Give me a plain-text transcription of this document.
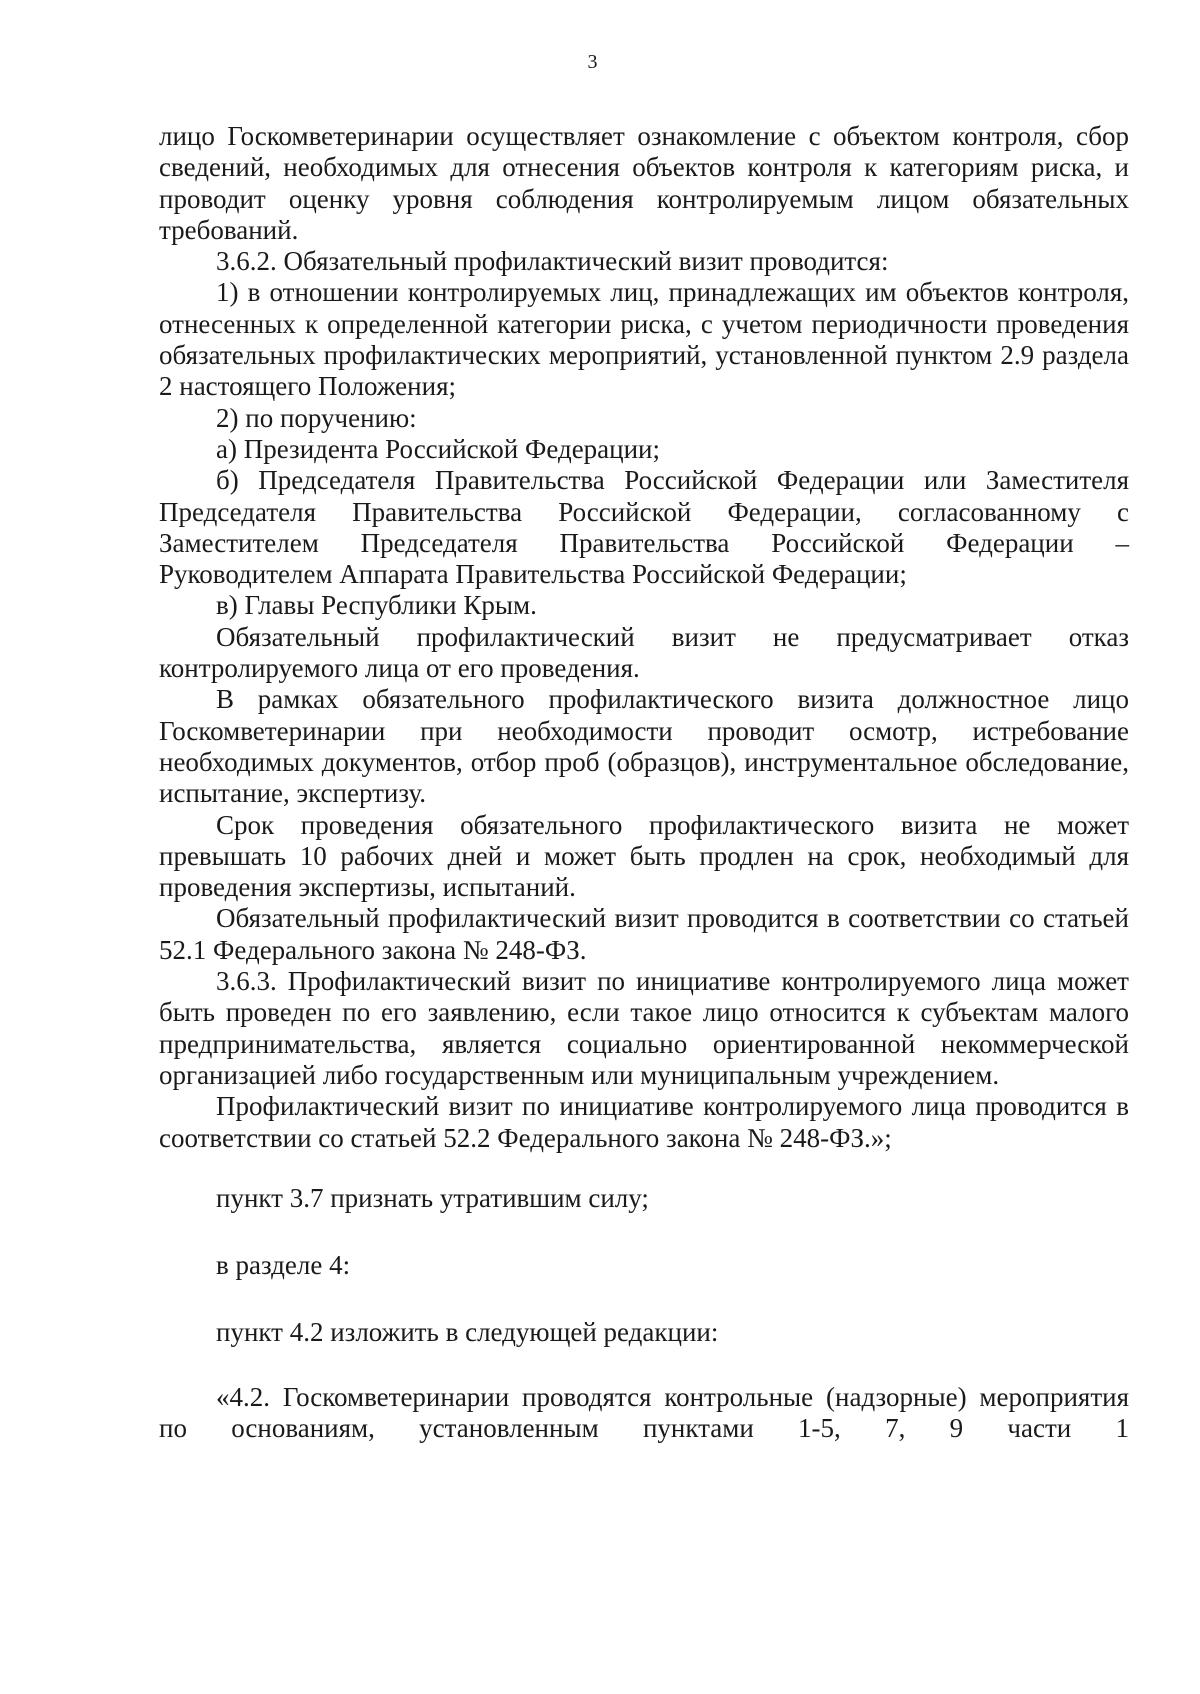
3

лицо Госкомветеринарии осуществляет ознакомление с объектом контроля, сбор сведений, необходимых для отнесения объектов контроля к категориям риска, и проводит оценку уровня соблюдения контролируемым лицом обязательных требований.

3.6.2. Обязательный профилактический визит проводится:

1) в отношении контролируемых лиц, принадлежащих им объектов контроля, отнесенных к определенной категории риска, с учетом периодичности проведения обязательных профилактических мероприятий, установленной пунктом 2.9 раздела 2 настоящего Положения;

2) по поручению:

а) Президента Российской Федерации;

б) Председателя Правительства Российской Федерации или Заместителя Председателя Правительства Российской Федерации, согласованному с Заместителем Председателя Правительства Российской Федерации – Руководителем Аппарата Правительства Российской Федерации;

в) Главы Республики Крым.

Обязательный профилактический визит не предусматривает отказ контролируемого лица от его проведения.

В рамках обязательного профилактического визита должностное лицо Госкомветеринарии при необходимости проводит осмотр, истребование необходимых документов, отбор проб (образцов), инструментальное обследование, испытание, экспертизу.

Срок проведения обязательного профилактического визита не может превышать 10 рабочих дней и может быть продлен на срок, необходимый для проведения экспертизы, испытаний.

Обязательный профилактический визит проводится в соответствии со статьей 52.1 Федерального закона № 248-ФЗ.

3.6.3. Профилактический визит по инициативе контролируемого лица может быть проведен по его заявлению, если такое лицо относится к субъектам малого предпринимательства, является социально ориентированной некоммерческой организацией либо государственным или муниципальным учреждением.

Профилактический визит по инициативе контролируемого лица проводится в соответствии со статьей 52.2 Федерального закона № 248-ФЗ.»;

пункт 3.7 признать утратившим силу;

в разделе 4:

пункт 4.2 изложить в следующей редакции:

«4.2. Госкомветеринарии проводятся контрольные (надзорные) мероприятия по основаниям, установленным пунктами 1-5, 7, 9 части 1
